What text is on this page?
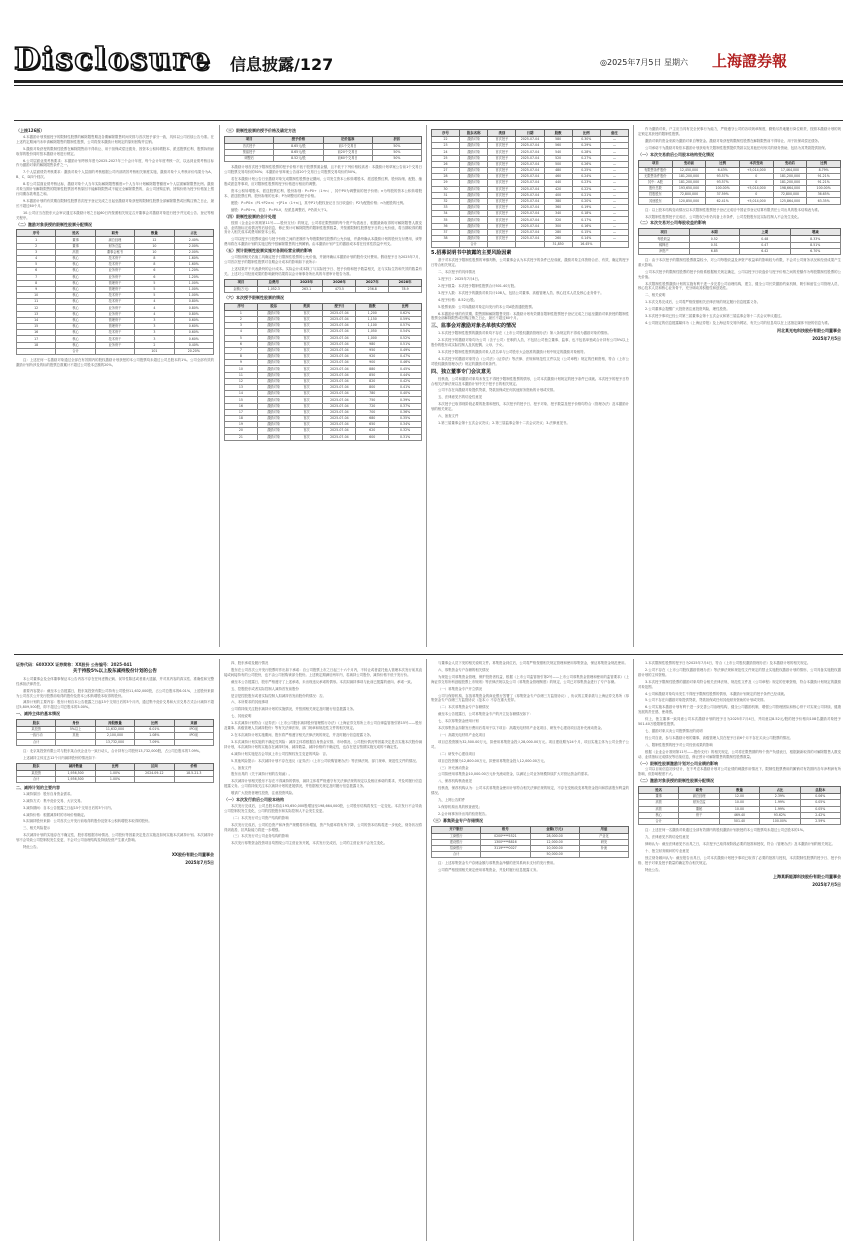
Disclosure 信息披露/127	◎2025年7月5日 星期六 上海證券報
（上接126版）

4.本激励计划预留授予的限制性股票的解除限售期及各期解除限售时间安排与首次授予部分一致，具体以公司后续公告为准。在上述约定期间内未申请解除限售的限制性股票，公司将按本激励计划规定的原则回购并注销。

5.激励对象获授的限制性股票在解除限售前不得转让、用于担保或偿还债务，因资本公积转增股本、派送股票红利、股票拆细而取得的股份同时按本激励计划进行锁定。

6.公司层面业绩考核要求：本激励计划考核年度为2025-2027年三个会计年度，每个会计年度考核一次，以达到业绩考核目标作为激励对象的解除限售条件之一。

7.个人层面绩效考核要求：激励对象个人层面的考核根据公司内部绩效考核相关制度实施，激励对象个人考核评价结果分为A、B、C、D四个档次。

8.若公司层面业绩考核达标，激励对象个人当年实际解除限售额度=个人当年计划解除限售额度×个人层面解除限售比例。激励对象当期计划解除限售的限制性股票因考核原因不能解除限售或不能完全解除限售的，由公司回购注销，回购价格为授予价格加上银行同期存款利息之和。

9.本激励计划的有效期自限制性股票首次授予登记完成之日起至激励对象获授的限制性股票全部解除限售或回购注销之日止，最长不超过60个月。

10.公司应当在股东大会审议通过本激励计划之日起60日内按照相关规定召开董事会对激励对象进行授予并完成公告、登记等相关程序。

（二）激励对象获授的限制性股票分配情况
序号	姓名	职务	数量	占比
1	董事	副总经理	12	2.40%
2	董事	财务总监	10	2.00%
3	高管	董事会秘书	10	2.00%
4	核心	技术骨干	8	1.60%
5	核心	技术骨干	8	1.60%
6	核心	业务骨干	6	1.20%
7	核心	业务骨干	6	1.20%
8	核心	管理骨干	5	1.00%
9	核心	管理骨干	5	1.00%
10	核心	技术骨干	5	1.00%
11	核心	技术骨干	4	0.80%
12	核心	业务骨干	4	0.80%
13	核心	业务骨干	4	0.80%
14	核心	管理骨干	3	0.60%
15	核心	管理骨干	3	0.60%
16	核心	技术骨干	3	0.60%
17	核心	技术骨干	3	0.60%
18	核心	业务骨干	2	0.40%
	合计		101	20.20%

注：上述任何一名激励对象通过全部在有效期内的股权激励计划获授的本公司股票均未超过公司总股本的1%。公司全部有效的激励计划所涉及的标的股票总数累计不超过公司股本总额的20%。

（三）限制性股票的授予价格及确定方法
项目	授予价格	定价基准	折扣
首次授予	8.65元/股	前1个交易日	50%
预留授予	8.65元/股	前20个交易日	50%
调整后	8.52元/股	前60个交易日	50%

本激励计划首次授予限制性股票的授予价格不低于股票票面金额，且不低于下列价格较高者：本激励计划草案公告前1个交易日公司股票交易均价的50%；本激励计划草案公告前20个交易日公司股票交易均价的50%。

若在本激励计划公告日至激励对象完成限制性股票登记期间，公司发生资本公积转增股本、派送股票红利、股份拆细、配股、缩股或派息等事项，应对限制性股票的授予价格进行相应的调整。

资本公积转增股本、派送股票红利、股份拆细：P=P0÷（1+n），其中P0为调整前的授予价格；n为每股的资本公积转增股本、派送股票红利、股份拆细的比率；P为调整后的授予价格。

配股：P=P0×（P1+P2×n）÷[P1×（1+n）]，其中P1为股权登记日当日收盘价；P2为配股价格；n为配股的比例。

缩股：P=P0÷n，派息：P=P0-V，经派息调整后，P仍须大于1。

（四）限制性股票的会计处理

按照《企业会计准则第11号——股份支付》的规定，公司将在限售期的每个资产负债表日，根据最新取得的可解除限售人数变动、业绩指标完成情况等后续信息，修正预计可解除限售的限制性股票数量，并按照限制性股票授予日的公允价值，将当期取得的服务计入相关成本或费用和资本公积。

公司以授予日股票收盘价与授予价格之间的差额作为每股限制性股票的公允价值，并最终确认本激励计划的股份支付费用，该等费用将在本激励计划的实施过程中按解除限售的比例摊销。由本激励计划产生的激励成本将在经常性损益中列支。

（五）预计限制性股票实施对各期经营业绩的影响

公司按照相关估值工具确定授予日限制性股票的公允价值，并最终确认本激励计划的股份支付费用。假设授予日为2025年7月，公司首次授予的限制性股票对各期会计成本的影响如下表所示：

上述结果并不代表最终的会计成本。实际会计成本除了与实际授予日、授予价格和授予数量相关，还与实际生效和失效的数量有关。上述对公司经营成果的影响最终结果将以会计师事务所出具的年度审计报告为准。

项目	总费用	2025年	2026年	2027年	2028年
金额(万元)	1,052.3	263.1	473.5	236.8	78.9
（六）本次授予限制性股票的情况
序号	股东	类别	授予日	股数	比例
1	激励对象	首次	2025-07-04	1,200	0.62%
2	激励对象	首次	2025-07-04	1,150	0.59%
3	激励对象	首次	2025-07-04	1,100	0.57%
4	激励对象	首次	2025-07-04	1,050	0.54%
5	激励对象	首次	2025-07-04	1,000	0.52%
6	激励对象	首次	2025-07-04	980	0.51%
7	激励对象	首次	2025-07-04	950	0.49%
8	激励对象	首次	2025-07-04	920	0.47%
9	激励对象	首次	2025-07-04	900	0.46%
10	激励对象	首次	2025-07-04	880	0.45%
11	激励对象	首次	2025-07-04	850	0.44%
12	激励对象	首次	2025-07-04	820	0.42%
13	激励对象	首次	2025-07-04	800	0.41%
14	激励对象	首次	2025-07-04	780	0.40%
15	激励对象	首次	2025-07-04	750	0.39%
16	激励对象	首次	2025-07-04	720	0.37%
17	激励对象	首次	2025-07-04	700	0.36%
18	激励对象	首次	2025-07-04	680	0.35%
19	激励对象	首次	2025-07-04	650	0.34%
20	激励对象	首次	2025-07-04	620	0.32%
21	激励对象	首次	2025-07-04	600	0.31%
序号	股东名称	类别	日期	股数	比例	备注
22	激励对象	首次授予	2025-07-04	580	0.30%	—
23	激励对象	首次授予	2025-07-04	560	0.29%	—
24	激励对象	首次授予	2025-07-04	540	0.28%	—
25	激励对象	首次授予	2025-07-04	520	0.27%	—
26	激励对象	首次授予	2025-07-04	500	0.26%	—
27	激励对象	首次授予	2025-07-04	480	0.25%	—
28	激励对象	首次授予	2025-07-04	460	0.24%	—
29	激励对象	首次授予	2025-07-04	440	0.23%	—
30	激励对象	首次授予	2025-07-04	420	0.22%	—
31	激励对象	首次授予	2025-07-04	400	0.21%	—
32	激励对象	首次授予	2025-07-04	380	0.20%	—
33	激励对象	首次授予	2025-07-04	360	0.19%	—
34	激励对象	首次授予	2025-07-04	340	0.18%	—
35	激励对象	首次授予	2025-07-04	320	0.17%	—
36	激励对象	首次授予	2025-07-04	300	0.16%	—
37	激励对象	首次授予	2025-07-04	280	0.15%	—
38	激励对象	首次授予	2025-07-04	260	0.14%	—
	合计			31,850	16.45%	
5.招募说明书中披露的主要风险因素

基于对本次授予限制性股票的审慎判断，公司董事会认为本次授予的条件已经成就，激励对象主体资格合法、有效，确定的授予日符合相关规定。

二、本次授予的具体情况

1.授予日：2025年7月4日。

2.授予数量：本次授予限制性股票合计501.40万股。

3.授予人数：本次授予的激励对象共计108人，包括公司董事、高级管理人员、核心技术人员及核心业务骨干。

4.授予价格：8.52元/股。

5.股票来源：公司向激励对象定向发行的本公司A股普通股股票。

6.本激励计划的有效期、限售期和解除限售安排：本激励计划有效期自限制性股票授予登记完成之日起至激励对象获授的限制性股票全部解除限售或回购注销之日止，最长不超过60个月。

三、监事会对激励对象名单核实的情况

1.本次授予限制性股票的激励对象均不存在《上市公司股权激励管理办法》第八条规定的不得成为激励对象的情形。

2.本次授予的激励对象均为公司（含子公司）任职的人员，不包括公司独立董事、监事，也不包括单独或合计持有公司5%以上股份的股东或实际控制人及其配偶、父母、子女。

3.本次授予限制性股票的激励对象人员名单与公司股东大会批准的激励计划中规定的激励对象相符。

4.本次授予的激励对象符合《公司法》《证券法》等法律、法规和规范性文件以及《公司章程》规定的任职资格，符合《上市公司股权激励管理办法》规定的激励对象条件。

四、独立董事专门会议意见

经核查，公司和激励对象均未发生不得授予限制性股票的情形，公司本次激励计划规定的授予条件已成就。本次授予的授予日符合相关法律法规以及本激励计划中关于授予日的相关规定。

公司不存在向激励对象提供贷款、贷款担保或任何其他财务资助的计划或安排。

五、法律意见书的结论性意见

本次授予已取得现阶段必要的批准和授权，本次授予的授予日、授予对象、授予数量及授予价格均符合《管理办法》及本激励计划的相关规定。

六、备查文件

1.第三届董事会第十五次会议决议；2.第三届监事会第十二次会议决议；3.法律意见书。

作为激励对象，户主应当具有完全民事行为能力，严格遵守公司的各项规章制度，勤勉尽责地履行岗位职责，按照本激励计划的规定锁定其获授的限制性股票。

激励对象的资金来源为激励对象自筹资金。激励对象获授的限制性股票在解除限售前不得转让、用于担保或偿还债务。

公司承诺不为激励对象依本激励计划获取有关限制性股票提供贷款以及其他任何形式的财务资助，包括为其贷款提供担保。

（一）本次交易前后公司股本结构变化情况
项目	变动前	比例	本次变动	变动后	比例
有限售条件股份	12,450,000	6.43%	+5,014,000	17,464,000	8.79%
无限售条件股份	181,200,000	93.57%	0	181,200,000	91.21%
其中：A股	181,200,000	93.57%	0	181,200,000	91.21%
股份总数	193,650,000	100.00%	+5,014,000	198,664,000	100.00%
控股股东	72,800,000	37.59%	0	72,800,000	36.65%
其他股东	120,850,000	62.41%	+5,014,000	125,864,000	63.35%

注：以上股本结构变动情况以本次限制性股票授予登记完成后中国证券登记结算有限责任公司出具的股本结构表为准。

本次限制性股票授予完成后，公司股权分布仍具备上市条件，公司控股股东及实际控制人不会发生变化。

（二）本次交易对公司每股收益的影响
项目	本期	上期	增减
每股收益	0.52	0.48	8.33%
稀释后	0.51	0.47	8.51%
净资产	6.85	6.42	6.70%

注：由于本次授予的限制性股票数量较小，对公司每股收益及净资产收益率的影响较为有限，不会对公司财务状况和经营成果产生重大影响。

公司本次授予的限制性股票的授予价格系根据相关规定确定，公司以授予日收盘价与授予价格之间的差额作为每股限制性股票的公允价值。

本次限制性股票激励计划的实施有利于进一步完善公司治理结构，建立、健全公司长效激励约束机制，吸引和留住公司管理人员、核心技术人员和核心业务骨干，充分调动其积极性和创造性。

二、相关说明

1.本次交易完成后，公司将严格按照相关法律法规的规定履行信息披露义务。

2.公司董事会提醒广大投资者注意投资风险，理性投资。

3.本次授予事项已经公司第三届董事会第十五次会议和第三届监事会第十二次会议审议通过。

4.公司指定的信息披露媒体为《上海证券报》及上海证券交易所网站，有关公司的信息均以在上述指定媒体刊登的信息为准。

河北某光电科技股份有限公司董事会
2025年7月5日
证券代码：60XXXX 证券简称：XX股份 公告编号：2025-041
关于持股5%以上股东减持股份计划的公告

本公司董事会及全体董事保证本公告内容不存在任何虚假记载、误导性陈述或者重大遗漏，并对其内容的真实性、准确性和完整性承担法律责任。

重要内容提示：截至本公告披露日，股东某投资有限公司持有公司股份11,632,000股，占公司总股本的6.01%，上述股份来源为公司首次公开发行股票前取得的股份及资本公积转增股本取得的股份。

减持计划的主要内容：股东计划自本公告披露之日起15个交易日后的3个月内，通过集中竞价交易和大宗交易方式合计减持不超过5,809,500股，即不超过公司总股本的3.00%。

一、减持主体的基本情况
股东	身份	持股数量	比例	来源
某投资	5%以上	11,632,000	6.01%	IPO前
一致行动	其他	2,100,000	1.08%	IPO前
合计		13,732,000	7.09%	

注：北京某投资有限公司与股东某合伙企业为一致行动人，合计持有公司股份13,732,000股，占公司总股本的7.09%。

上述减持主体过去12个月内减持股份的情况如下：

股东	减持数量	比例	区间	价格
某投资	1,936,500	1.00%	2024.09-12	18.5-21.3
合计	1,936,500	1.00%		
二、减持计划的主要内容

1.减持原因：股东自身资金需求。

2.减持方式：集中竞价交易、大宗交易。

3.减持期间：自本公告披露之日起15个交易日后的3个月内。

4.减持价格：根据减持时的市场价格确定。

5.拟减持股份来源：公司首次公开发行前取得的股份及资本公积转增股本取得的股份。

三、相关风险提示

本次减持计划的实施存在不确定性，股东将根据市场情况、公司股价等因素决定是否实施及如何实施本次减持计划。本次减持计划不会导致公司控制权发生变更，不会对公司治理结构及持续经营产生重大影响。

特此公告。

XX股份有限公司董事会
2025年7月5日

四、股东承诺及履行情况

股东在公司首次公开发行股票时作出如下承诺：自公司股票上市之日起三十六个月内，不转让或者委托他人管理本次发行前其直接或间接持有的公司股份，也不由公司回购该部分股份。上述锁定期满后两年内，若减持公司股份，减持价格不低于发行价。

截至本公告披露日，股东严格遵守了上述承诺，未出现违反承诺的情形。本次拟减持事项与此前已披露的意向、承诺一致。

五、控股股东或者实际控制人减持首发前股份

是否是控股股东或者实际控制人拟减持首发前股份的情况：否。

六、本所要求的其他事项

公司将持续关注股东减持计划的实施情况，并按照相关规定及时履行信息披露义务。

七、其他说明

1.本次减持计划符合《证券法》《上市公司股东减持股份管理暂行办法》《上海证券交易所上市公司自律监管指引第15号——股东及董事、高级管理人员减持股份》等有关法律法规、部门规章和规范性文件的相关规定。

2.在本次减持计划实施期间，股东将严格遵守相关法律法规的规定，并及时履行信息披露义务。

3.本次减持计划实施的不确定性风险：减持主体将根据自身资金安排、市场情况、公司股价情况等因素决定是否实施本次股份减持计划，本次减持计划的实施存在减持时间、减持数量、减持价格的不确定性，也存在是否按期实施完成的不确定性。

4.减持计划实施是否会导致上市公司控制权发生变更的风险：否。

5.其他风险提示：本次减持计划不存在违反《证券法》《上市公司收购管理办法》等法律法规、部门规章、规范性文件的情况。

八、备查文件

股东出具的《关于减持计划的告知函》。

本次减持计划相关股东不存在不得减持的情形，减持主体将严格遵守有关法律法规的规定以及相应承诺的要求，并及时履行信息披露义务。公司将持续关注本次减持计划的进展情况，并依据相关规定及时履行信息披露义务。

敬请广大投资者理性投资，注意投资风险。

（一）本次发行前后公司股本结构

本次发行完成后，公司总股本将由193,650,000股增加至198,664,000股，公司股东结构将发生一定变化。本次发行不会导致公司控制权发生变化，公司的控股股东和实际控制人不会发生变更。

（二）本次发行对公司资产结构的影响

本次发行完成后，公司的总资产和净资产规模将有所增加，资产负债率将有所下降，公司的资本结构将进一步优化，财务状况将得到改善，抗风险能力将进一步增强。

（三）本次发行对公司业务结构的影响

本次发行募集资金投资项目均围绕公司主营业务开展，本次发行完成后，公司的主营业务不会发生变化。

与董事会人员下发的相关说明文件。募集资金到位后，公司将严格按照相关规定管理和使用募集资金，保证募集资金规范使用。

六、募集资金专户存储的相关情况

为规范公司募集资金管理，保护投资者权益，根据《上市公司监管指引第2号——上市公司募集资金管理和使用的监管要求》《上海证券交易所科创板股票上市规则》等法律法规以及公司《募集资金管理制度》的规定，公司已对募集资金进行了专户存储。

（一）募集资金专户开立情况

公司与保荐机构、存放募集资金的商业银行签署了《募集资金专户存储三方监管协议》，协议的主要条款与上海证券交易所《募集资金专户存储三方监管协议（范本）》不存在重大差异。

（二）本次募集资金专户存储情况

截至本公告披露日，公司募集资金专户的开立及存储情况如下：

七、本次募集资金使用计划

本次募集资金扣除发行费用后将用于以下项目：高端光电材料产业化项目、研发中心建设项目及补充流动资金。

（一）高端光电材料产业化项目

项目总投资额为32,500.00万元，拟使用募集资金投入28,000.00万元。项目建设期为24个月，项目实施主体为公司全资子公司。

（二）研发中心建设项目

项目总投资额为12,800.00万元，拟使用募集资金投入12,000.00万元。

（三）补充流动资金

公司拟使用募集资金10,000.00万元补充流动资金，以满足公司业务规模持续扩大对营运资金的需求。

八、保荐机构核查意见

经核查，保荐机构认为：公司本次募集资金使用计划符合相关法律法规的规定，不存在变相改变募集资金投向和损害股东利益的情况。

九、上网公告附件

1.保荐机构出具的核查意见；

2.会计师事务所出具的验资报告。

（三）募集资金专户存储情况
开户银行	账号	金额(万元)	用途
工商银行	0200****5521	28,000.00	产业化
建设银行	1300****8816	12,000.00	研发
招商银行	3119****0027	10,000.00	补流
合计		50,000.00	

注：上述募集资金专户存储金额与募集资金净额的差异系尚未支付的发行费用。

公司将严格按照相关规定使用募集资金，并及时履行信息披露义务。

1.本次限制性股票的授予日为2025年7月4日，符合《上市公司股权激励管理办法》及本激励计划的相关规定。

2.公司不存在《上市公司股权激励管理办法》等法律法规和规范性文件规定的禁止实施股权激励计划的情形，公司具备实施股权激励计划的主体资格。

3.本次授予限制性股票的激励对象均符合相关法律法规、规范性文件及《公司章程》规定的任职资格，符合本激励计划规定的激励对象范围。

4.公司和激励对象均未发生不得授予限制性股票的情形，本激励计划规定的授予条件已经成就。

5.公司不存在向激励对象提供贷款、贷款担保或任何其他财务资助的计划或安排。

6.公司实施本激励计划有利于进一步完善公司治理结构，健全公司激励机制，增强公司管理团队和核心骨干对实现公司持续、健康发展的责任感、使命感。

综上，独立董事一致同意公司本次激励计划的授予日为2025年7月4日，并同意以8.52元/股的授予价格向108名激励对象授予501.40万股限制性股票。

七、激励对象买卖公司股票情况的说明

经公司自查，参与本激励计划的董事、高级管理人员在授予日前6个月不存在买卖公司股票的情况。

八、限制性股票的授予对公司经营成果的影响

根据《企业会计准则第11号——股份支付》的相关规定，公司将在限售期的每个资产负债表日，根据最新取得的可解除限售人数变动、业绩指标完成情况等后续信息，修正预计可解除限售的限制性股票数量。

（一）限制性股票激励计划对公司业绩的影响

公司以目前信息初步估计，在不考虑本激励计划对公司业绩的刺激作用情况下，限制性股票费用的摊销对有效期内各年净利润有所影响，但影响程度不大。

（二）激励对象获授的限制性股票分配情况
姓名	职务	数量	占比	总股本
董事	副总经理	12.00	2.39%	0.06%
高管	财务总监	10.00	1.99%	0.05%
高管	董秘	10.00	1.99%	0.05%
核心	骨干	469.40	93.62%	2.42%
合计		501.40	100.00%	2.59%

注：上述任何一名激励对象通过全部有效期内的股权激励计划获授的本公司股票均未超过公司总股本的1%。

九、法律意见书的结论性意见

律师认为：截至法律意见书出具之日，本次授予已取得现阶段必要的批准和授权，符合《管理办法》及本激励计划的相关规定。

十、独立财务顾问的专业意见

独立财务顾问认为：截至报告出具日，公司本次激励计划授予事项已取得了必要的批准与授权，本次限制性股票的授予日、授予价格、授予对象及授予数量的确定符合相关规定。

特此公告。

上海某新能源科技股份有限公司董事会
2025年7月5日
